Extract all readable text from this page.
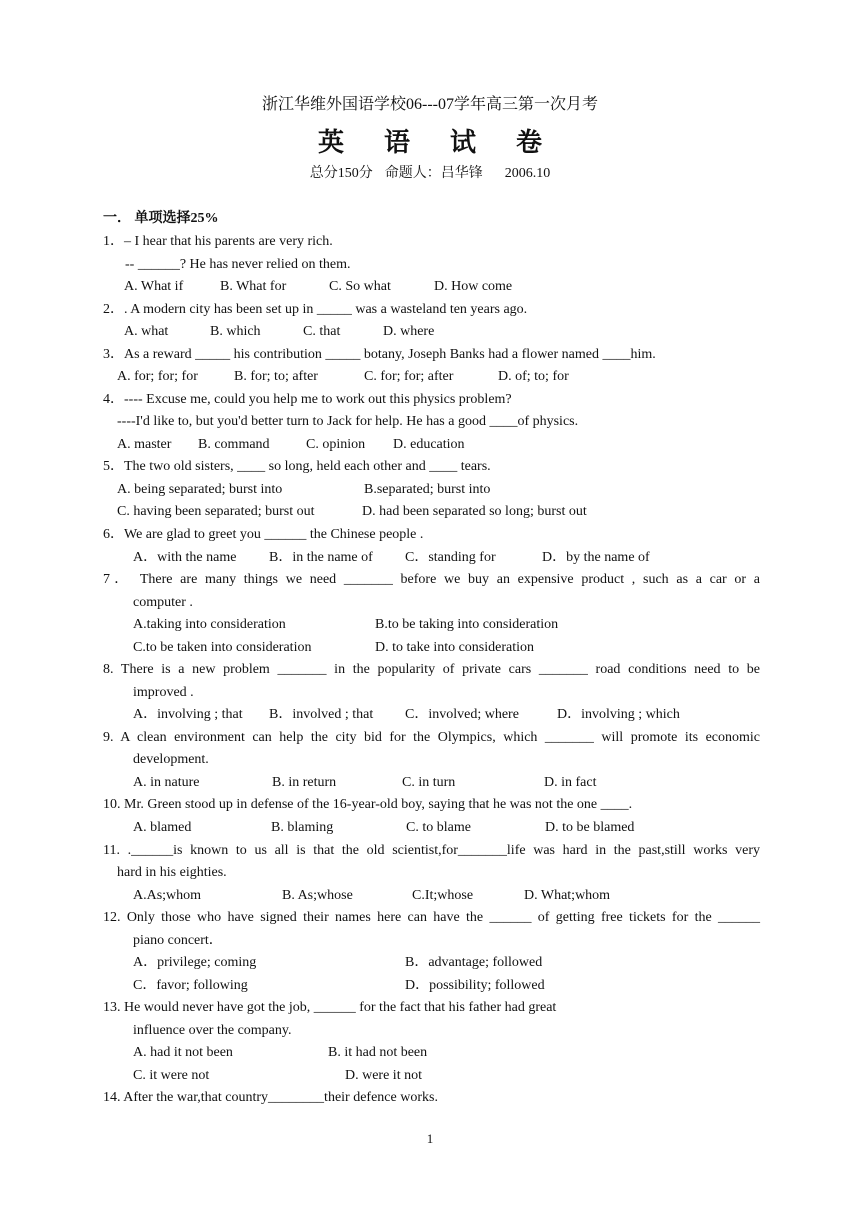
浙江华维外国语学校06---07学年高三第一次月考
英 语 试 卷
总分150分 命题人：吕华锋 2006.10
一． 单项选择25%
1．– I hear that his parents are very rich.
-- ______? He has never relied on them.
A. What if	B. What for	C. So what	D. How come
2．. A modern city has been set up in _____ was a wasteland ten years ago.
A. what	B. which	C. that	D. where
3．As a reward _____ his contribution _____ botany, Joseph Banks had a flower named ____him.
A. for; for; for	B. for; to; after	C. for; for; after	D. of; to; for
4．---- Excuse me, could you help me to work out this physics problem?
----I'd like to, but you'd better turn to Jack for help. He has a good ____of physics.
A. master B. command	C. opinion D. education
5．The two old sisters, ____ so long, held each other and ____ tears.
A. being separated; burst into	B.separated; burst into
C. having been separated; burst out	D. had been separated so long; burst out
6．We are glad to greet you ______ the Chinese people .
A．with the name B．in the name of C．standing for	D．by the name of
7． There are many things we need _______ before we buy an expensive product , such as a car or a
computer .
A.taking into consideration	B.to be taking into consideration
C.to be taken into consideration	D. to take into consideration
8. There is a new problem _______ in the popularity of private cars _______ road conditions need to be
improved .
A．involving ; that B．involved ; that C．involved; where	D．involving ; which
9. A clean environment can help the city bid for the Olympics, which _______ will promote its economic
development.
A. in nature	B. in return	C. in turn	D. in fact
10. Mr. Green stood up in defense of the 16-year-old boy, saying that he was not the one ____.
A. blamed	B. blaming	C. to blame	D. to be blamed
11. .______is known to us all is that the old scientist,for_______life was hard in the past,still works very
hard in his eighties.
A.As;whom	B. As;whose	C.It;whose	D. What;whom
12. Only those who have signed their names here can have the ______ of getting free tickets for the ______
piano concert．
A．privilege; coming	B．advantage; followed
C．favor; following	D．possibility; followed
13. He would never have got the job, ______ for the fact that his father had great
influence over the company.
A. had it not been	B. it had not been
C. it were not	D. were it not
14. After the war,that country________their defence works.
1
